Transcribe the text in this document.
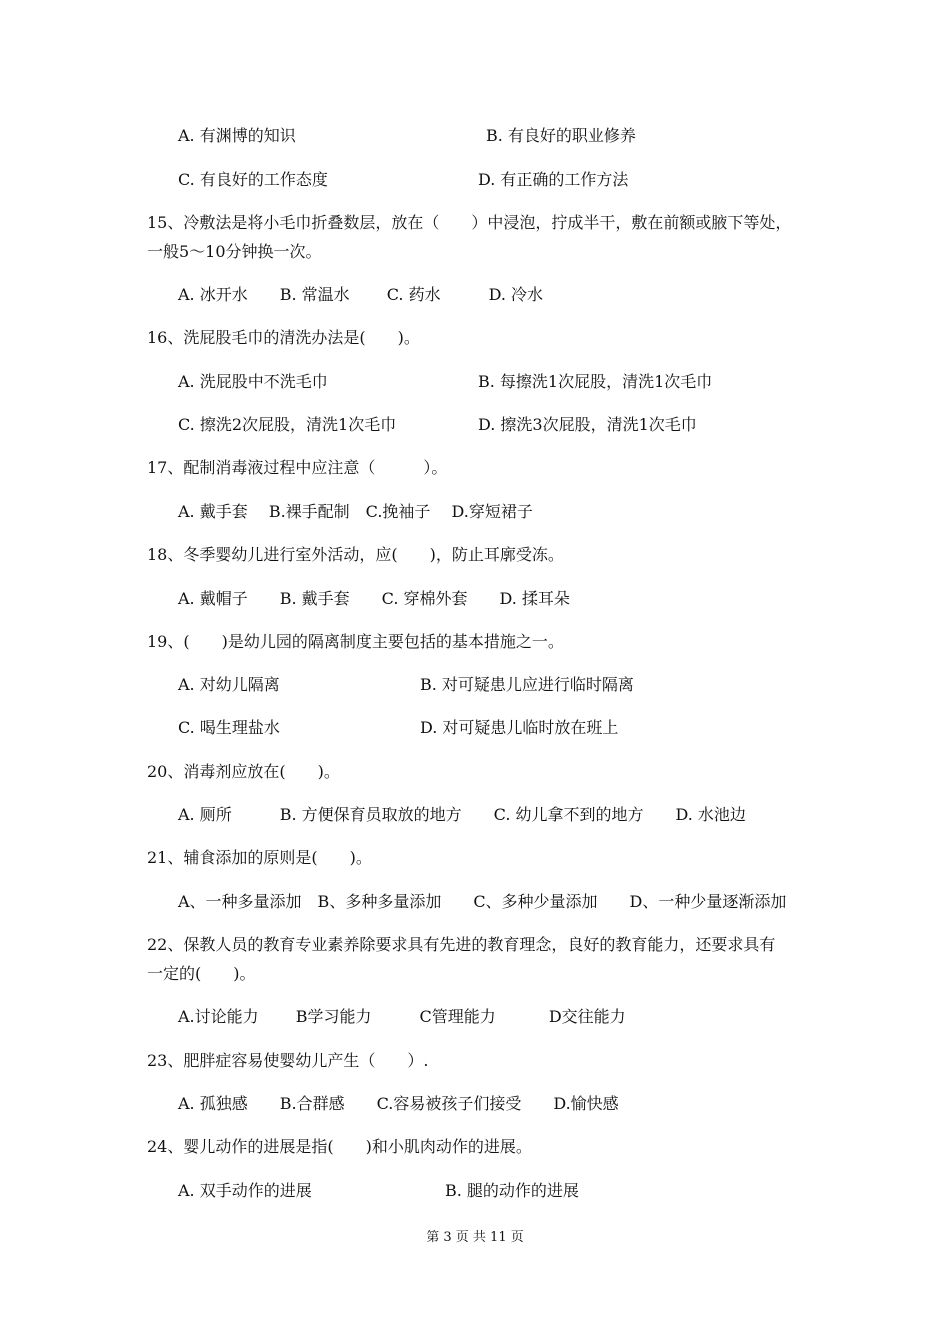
A. 有渊博的知识	B. 有良好的职业修养
C. 有良好的工作态度	D. 有正确的工作方法
15、冷敷法是将小毛巾折叠数层，放在（　　）中浸泡，拧成半干，敷在前额或腋下等处，
一般5～10分钟换一次。
A. 冰开水　　B. 常温水　　 C. 药水　　　D. 冷水
16、洗屁股毛巾的清洗办法是(　　)。
A. 洗屁股中不洗毛巾	B. 每擦洗1次屁股，清洗1次毛巾
C. 擦洗2次屁股，清洗1次毛巾	D. 擦洗3次屁股，清洗1次毛巾
17、配制消毒液过程中应注意（　　　）。
A. 戴手套　 B.裸手配制　C.挽袖子　 D.穿短裙子
18、冬季婴幼儿进行室外活动，应(　　)，防止耳廓受冻。
A. 戴帽子　　B. 戴手套　　C. 穿棉外套　　D. 揉耳朵
19、(　　)是幼儿园的隔离制度主要包括的基本措施之一。
A. 对幼儿隔离	B. 对可疑患儿应进行临时隔离
C. 喝生理盐水	D. 对可疑患儿临时放在班上
20、消毒剂应放在(　　)。
A. 厕所　　　B. 方便保育员取放的地方　　C. 幼儿拿不到的地方　　D. 水池边
21、辅食添加的原则是(　　)。
A、一种多量添加　B、多种多量添加　　C、多种少量添加　　D、一种少量逐渐添加
22、保教人员的教育专业素养除要求具有先进的教育理念，良好的教育能力，还要求具有
一定的(　　)。
A.讨论能力　　 B学习能力　　　C管理能力　　　 D交往能力
23、肥胖症容易使婴幼儿产生（　　）.
A. 孤独感　　B.合群感　　C.容易被孩子们接受　　D.愉快感
24、婴儿动作的进展是指(　　)和小肌肉动作的进展。
A. 双手动作的进展	B. 腿的动作的进展
第 3 页 共 11 页
